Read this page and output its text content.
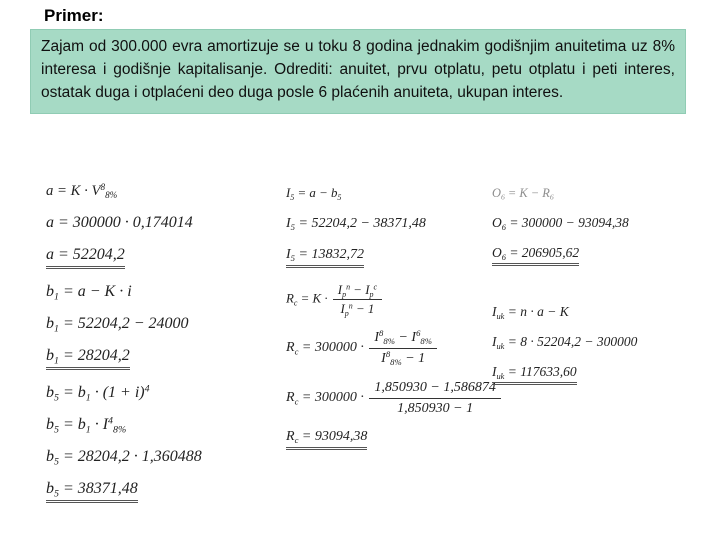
Primer:
Zajam od 300.000 evra amortizuje se u toku 8 godina jednakim godišnjim anuitetima uz 8% interesa i godišnje kapitalisanje. Odrediti: anuitet, prvu otplatu, petu otplatu i peti interes, ostatak duga i otplaćeni deo duga posle 6 plaćenih anuiteta, ukupan interes.
$a = K \cdot V^8_{8\%}$
a = 300000 · 0,174014
a = 52204,2
$b_1 = a - K \cdot i$
$b_1 = 52204,2 - 24000$
$b_1 = 28204,2$
$b_5 = b_1 \cdot (1 + i)^4$
$b_5 = b_1 \cdot I^4_{8\%}$
$b_5 = 28204,2 \cdot 1,360488$
$b_5 = 38371,48$
$I_5 = a - b_5$
$I_5 = 52204,2 - 38371,48$
$I_5 = 13832,72$
$R_c = K \cdot \frac{I_p^n - I_p^c}{I_p^n - 1}$
$R_c = 300000 \cdot \frac{I^8_{8\%} - I^6_{8\%}}{I^8_{8\%} - 1}$
$R_c = 300000 \cdot \frac{1,850930 - 1,586874}{1,850930 - 1}$
$R_c = 93094,38$
$O_6 = K - R_6$
$O_6 = 300000 - 93094,38$
$O_6 = 206905,62$
$I_{uk} = n \cdot a - K$
$I_{uk} = 8 \cdot 52204,2 - 300000$
$I_{uk} = 117633,60$
